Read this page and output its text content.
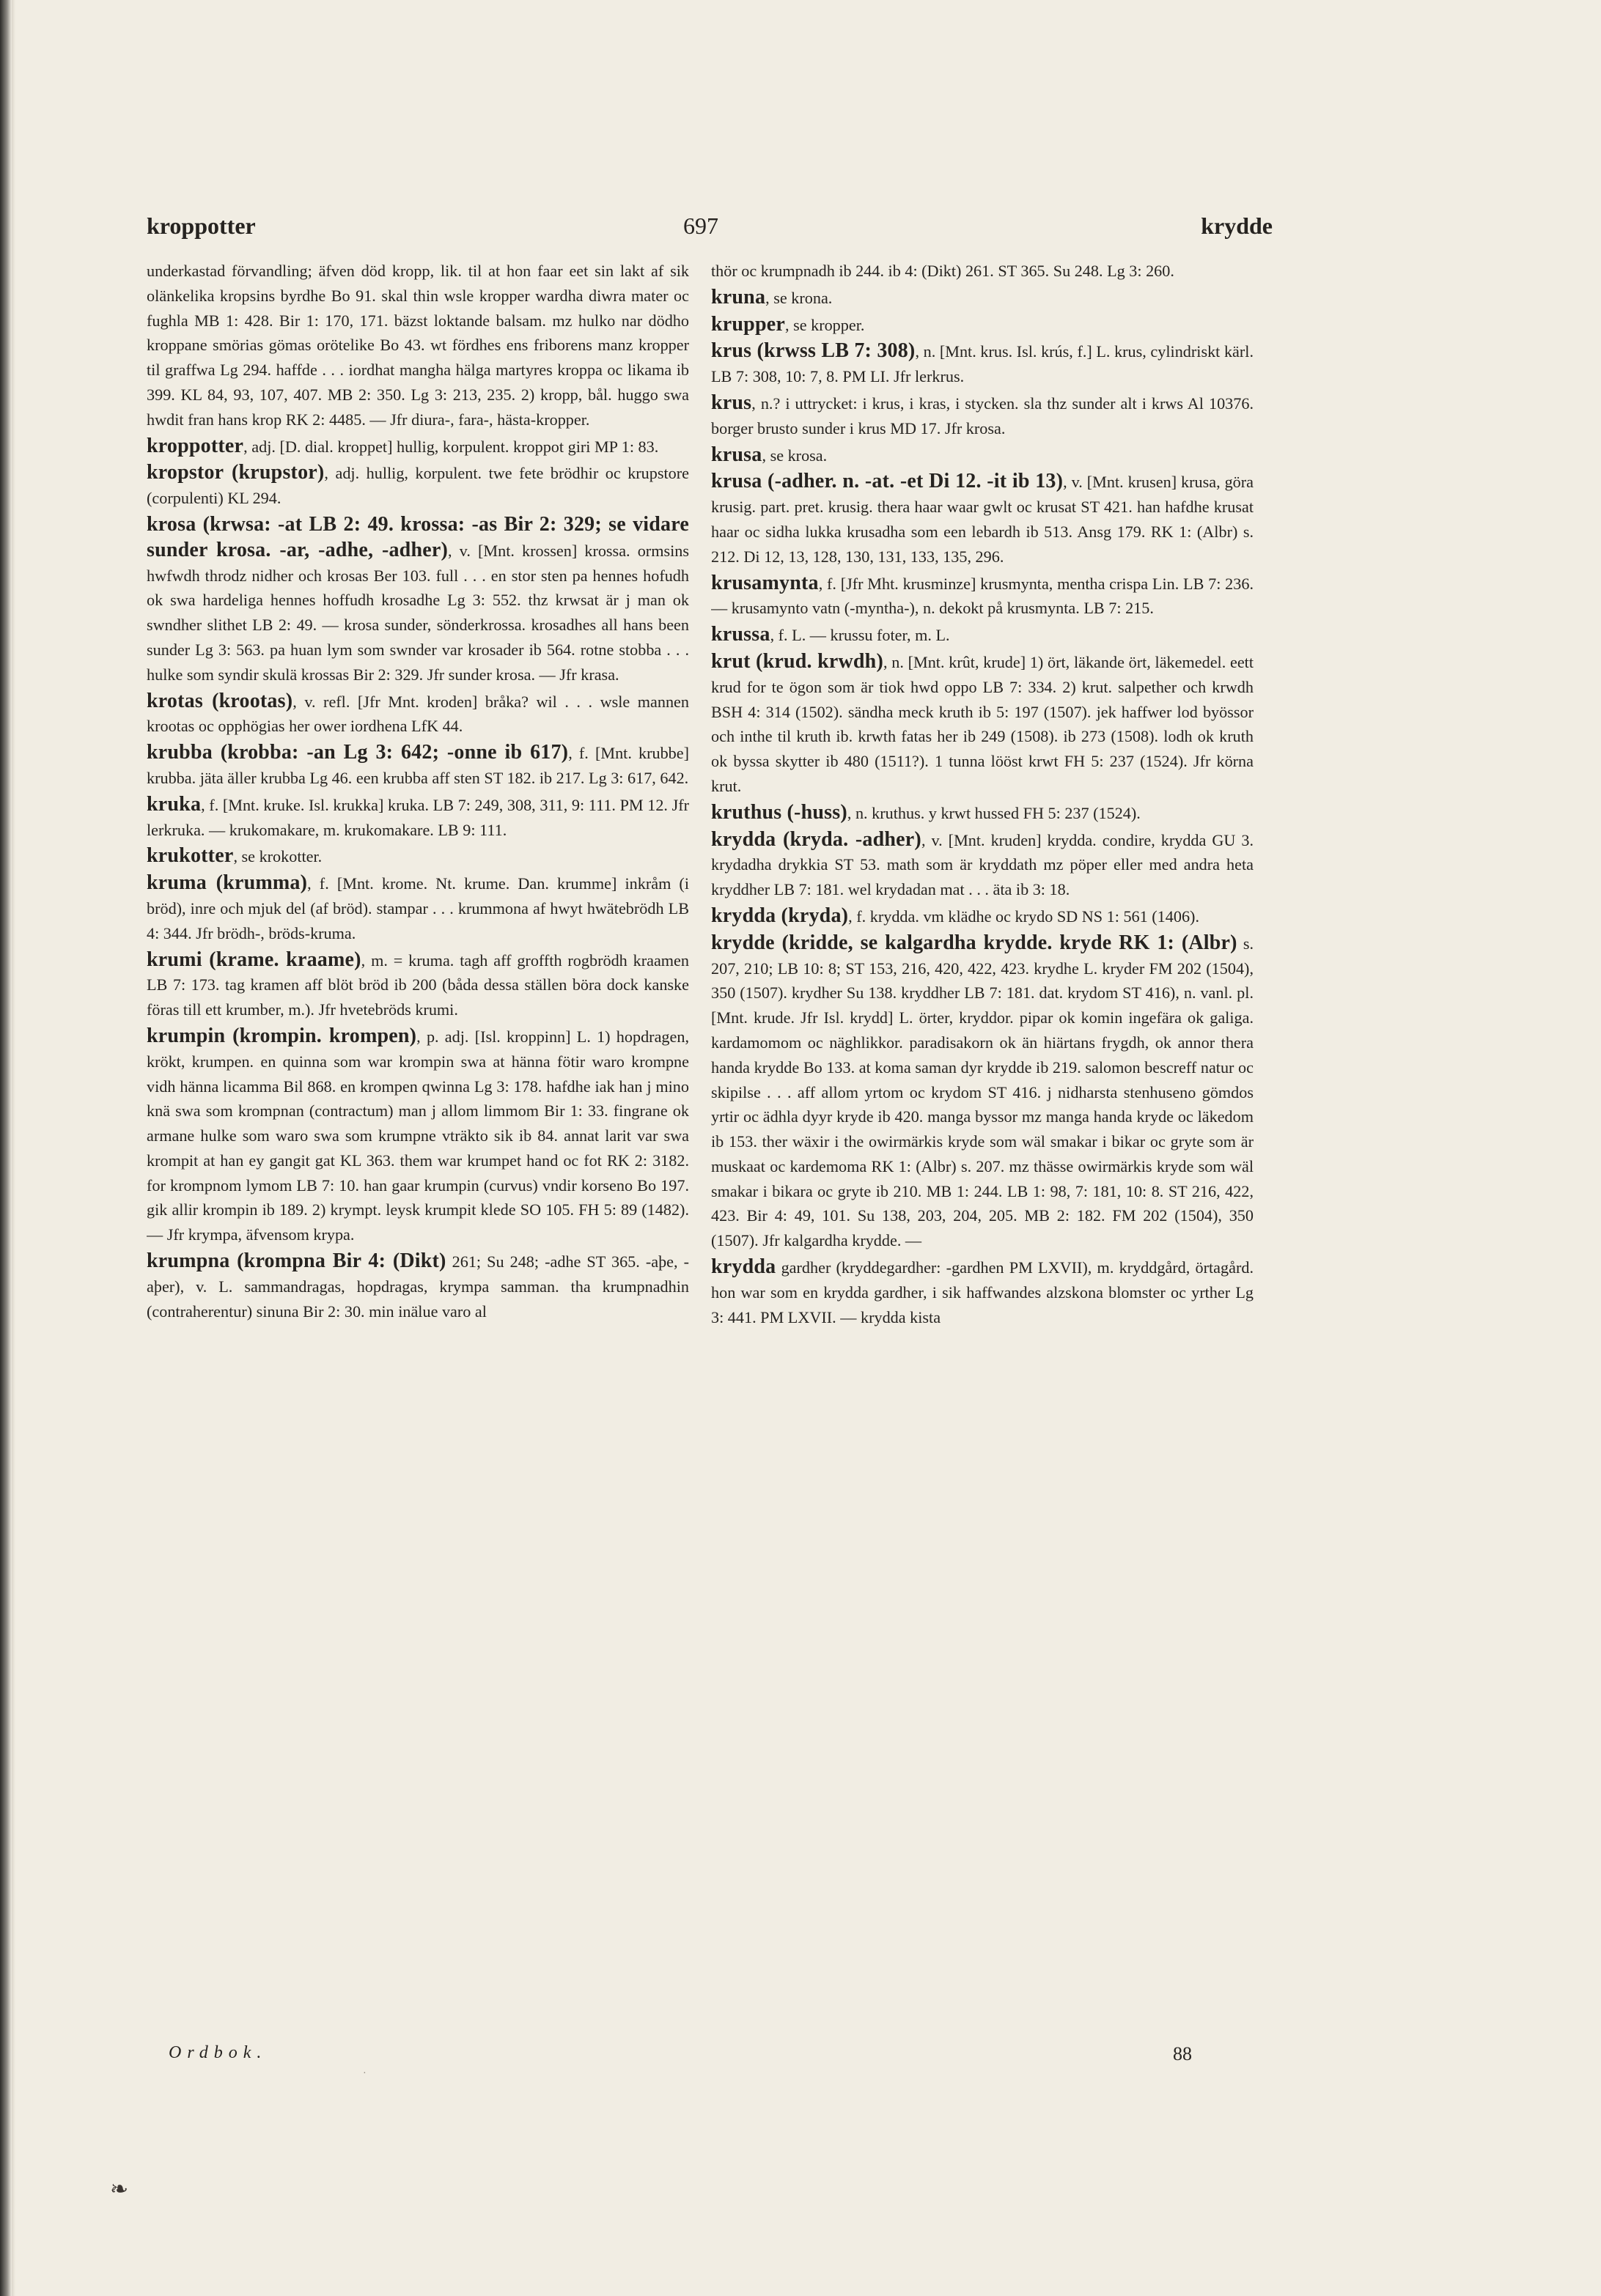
kroppotter	697	krydde

underkastad förvandling; äfven död kropp, lik. til at hon faar eet sin lakt af sik olänkelika kropsins byrdhe Bo 91. skal thin wsle kropper wardha diwra mater oc fughla MB 1: 428. Bir 1: 170, 171. bäzst loktande balsam. mz hulko nar dödho kroppane smörias gömas orötelike Bo 43. wt fördhes ens friborens manz kropper til graffwa Lg 294. haffde . . . iordhat mangha hälga martyres kroppa oc likama ib 399. KL 84, 93, 107, 407. MB 2: 350. Lg 3: 213, 235. 2) kropp, bål. huggo swa hwdit fran hans krop RK 2: 4485. — Jfr diura-, fara-, hästa-kropper.

kroppotter, adj. [D. dial. kroppet] hullig, korpulent. kroppot giri MP 1: 83.

kropstor (krupstor), adj. hullig, korpulent. twe fete brödhir oc krupstore (corpulenti) KL 294.

krosa (krwsa: -at LB 2: 49. krossa: -as Bir 2: 329; se vidare sunder krosa. -ar, -adhe, -adher), v. [Mnt. krossen] krossa. ormsins hwfwdh throdz nidher och krosas Ber 103. full . . . en stor sten pa hennes hofudh ok swa hardeliga hennes hoffudh krosadhe Lg 3: 552. thz krwsat är j man ok swndher slithet LB 2: 49. — krosa sunder, sönderkrossa. krosadhes all hans been sunder Lg 3: 563. pa huan lym som swnder var krosader ib 564. rotne stobba . . . hulke som syndir skulä krossas Bir 2: 329. Jfr sunder krosa. — Jfr krasa.

krotas (krootas), v. refl. [Jfr Mnt. kroden] bråka? wil . . . wsle mannen krootas oc opphögias her ower iordhena LfK 44.

krubba (krobba: -an Lg 3: 642; -onne ib 617), f. [Mnt. krubbe] krubba. jäta äller krubba Lg 46. een krubba aff sten ST 182. ib 217. Lg 3: 617, 642.

kruka, f. [Mnt. kruke. Isl. krukka] kruka. LB 7: 249, 308, 311, 9: 111. PM 12. Jfr lerkruka. — krukomakare, m. krukomakare. LB 9: 111.

krukotter, se krokotter.

kruma (krumma), f. [Mnt. krome. Nt. krume. Dan. krumme] inkråm (i bröd), inre och mjuk del (af bröd). stampar . . . krummona af hwyt hwätebrödh LB 4: 344. Jfr brödh-, bröds-kruma.

krumi (krame. kraame), m. = kruma. tagh aff groffth rogbrödh kraamen LB 7: 173. tag kramen aff blöt bröd ib 200 (båda dessa ställen böra dock kanske föras till ett krumber, m.). Jfr hvetebröds krumi.

krumpin (krompin. krompen), p. adj. [Isl. kroppinn] L. 1) hopdragen, krökt, krumpen. en quinna som war krompin swa at hänna fötir waro krompne vidh hänna licamma Bil 868. en krompen qwinna Lg 3: 178. hafdhe iak han j mino knä swa som krompnan (contractum) man j allom limmom Bir 1: 33. fingrane ok armane hulke som waro swa som krumpne vträkto sik ib 84. annat larit var swa krompit at han ey gangit gat KL 363. them war krumpet hand oc fot RK 2: 3182. for krompnom lymom LB 7: 10. han gaar krumpin (curvus) vndir korseno Bo 197. gik allir krompin ib 189. 2) krympt. leysk krumpit klede SO 105. FH 5: 89 (1482). — Jfr krympa, äfvensom krypa.

krumpna (krompna Bir 4: (Dikt) 261; Su 248; -adhe ST 365. -aþe, -aþer), v. L. sammandragas, hopdragas, krympa samman. tha krumpnadhin (contraherentur) sinuna Bir 2: 30. min inälue varo al

thör oc krumpnadh ib 244. ib 4: (Dikt) 261. ST 365. Su 248. Lg 3: 260.

kruna, se krona.

krupper, se kropper.

krus (krwss LB 7: 308), n. [Mnt. krus. Isl. krús, f.] L. krus, cylindriskt kärl. LB 7: 308, 10: 7, 8. PM LI. Jfr lerkrus.

krus, n.? i uttrycket: i krus, i kras, i stycken. sla thz sunder alt i krws Al 10376. borger brusto sunder i krus MD 17. Jfr krosa.

krusa, se krosa.

krusa (-adher. n. -at. -et Di 12. -it ib 13), v. [Mnt. krusen] krusa, göra krusig. part. pret. krusig. thera haar waar gwlt oc krusat ST 421. han hafdhe krusat haar oc sidha lukka krusadha som een lebardh ib 513. Ansg 179. RK 1: (Albr) s. 212. Di 12, 13, 128, 130, 131, 133, 135, 296.

krusamynta, f. [Jfr Mht. krusminze] krusmynta, mentha crispa Lin. LB 7: 236. — krusamynto vatn (-myntha-), n. dekokt på krusmynta. LB 7: 215.

krussa, f. L. — krussu foter, m. L.

krut (krud. krwdh), n. [Mnt. krût, krude] 1) ört, läkande ört, läkemedel. eett krud for te ögon som är tiok hwd oppo LB 7: 334. 2) krut. salpether och krwdh BSH 4: 314 (1502). sändha meck kruth ib 5: 197 (1507). jek haffwer lod byössor och inthe til kruth ib. krwth fatas her ib 249 (1508). ib 273 (1508). lodh ok kruth ok byssa skytter ib 480 (1511?). 1 tunna lööst krwt FH 5: 237 (1524). Jfr körna krut.

kruthus (-huss), n. kruthus. y krwt hussed FH 5: 237 (1524).

krydda (kryda. -adher), v. [Mnt. kruden] krydda. condire, krydda GU 3. krydadha drykkia ST 53. math som är kryddath mz pöper eller med andra heta kryddher LB 7: 181. wel krydadan mat . . . äta ib 3: 18.

krydda (kryda), f. krydda. vm klädhe oc krydo SD NS 1: 561 (1406).

krydde (kridde, se kalgardha krydde. kryde RK 1: (Albr) s. 207, 210; LB 10: 8; ST 153, 216, 420, 422, 423. krydhe L. kryder FM 202 (1504), 350 (1507). krydher Su 138. kryddher LB 7: 181. dat. krydom ST 416), n. vanl. pl. [Mnt. krude. Jfr Isl. krydd] L. örter, kryddor. pipar ok komin ingefära ok galiga. kardamomom oc näghlikkor. paradisakorn ok än hiärtans frygdh, ok annor thera handa krydde Bo 133. at koma saman dyr krydde ib 219. salomon bescreff natur oc skipilse . . . aff allom yrtom oc krydom ST 416. j nidharsta stenhuseno gömdos yrtir oc ädhla dyyr kryde ib 420. manga byssor mz manga handa kryde oc läkedom ib 153. ther wäxir i the owirmärkis kryde som wäl smakar i bikar oc gryte som är muskaat oc kardemoma RK 1: (Albr) s. 207. mz thässe owirmärkis kryde som wäl smakar i bikara oc gryte ib 210. MB 1: 244. LB 1: 98, 7: 181, 10: 8. ST 216, 422, 423. Bir 4: 49, 101. Su 138, 203, 204, 205. MB 2: 182. FM 202 (1504), 350 (1507). Jfr kalgardha krydde. —

krydda gardher (kryddegardher: -gardhen PM LXVII), m. kryddgård, örtagård. hon war som en krydda gardher, i sik haffwandes alzskona blomster oc yrther Lg 3: 441. PM LXVII. — krydda kista

Ordbok.	88
·
❧
